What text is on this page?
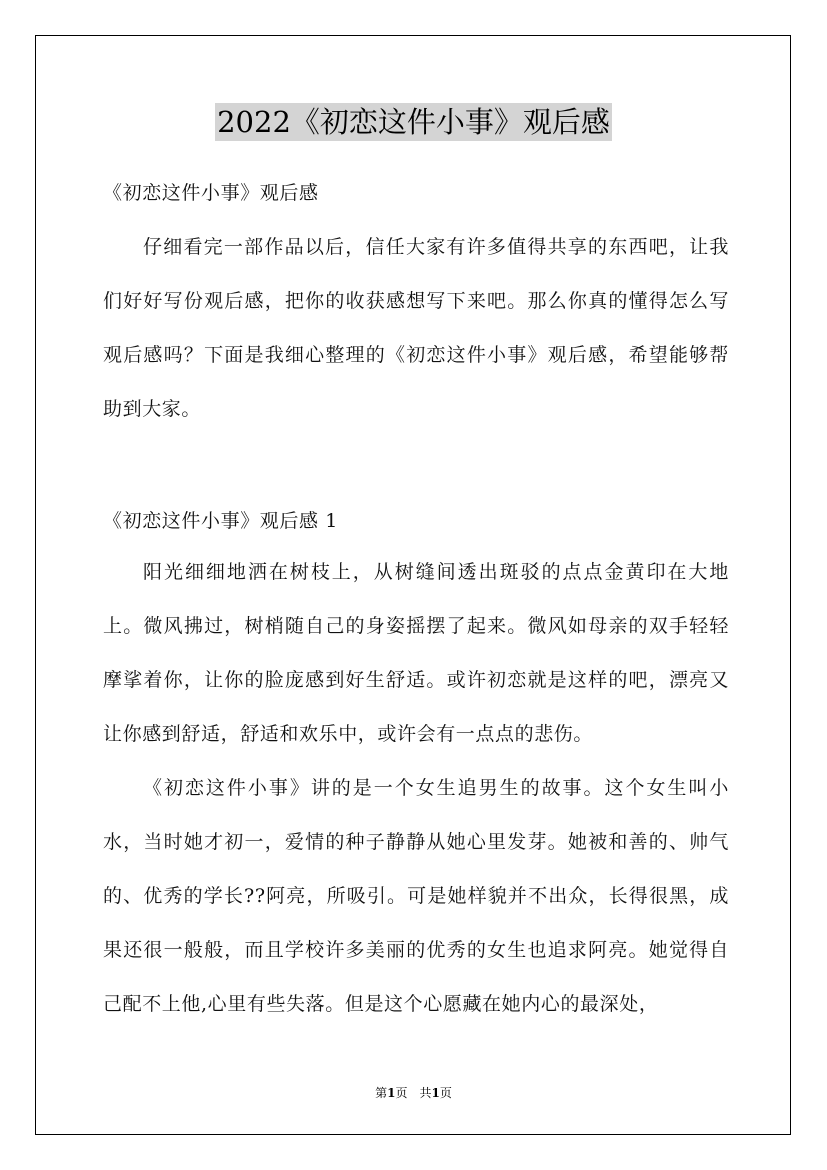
2022《初恋这件小事》观后感
《初恋这件小事》观后感
仔细看完一部作品以后，信任大家有许多值得共享的东西吧，让我们好好写份观后感，把你的收获感想写下来吧。那么你真的懂得怎么写观后感吗？下面是我细心整理的《初恋这件小事》观后感，希望能够帮助到大家。
《初恋这件小事》观后感 1
阳光细细地洒在树枝上，从树缝间透出斑驳的点点金黄印在大地上。微风拂过，树梢随自己的身姿摇摆了起来。微风如母亲的双手轻轻摩挲着你，让你的脸庞感到好生舒适。或许初恋就是这样的吧，漂亮又让你感到舒适，舒适和欢乐中，或许会有一点点的悲伤。
《初恋这件小事》讲的是一个女生追男生的故事。这个女生叫小水，当时她才初一，爱情的种子静静从她心里发芽。她被和善的、帅气的、优秀的学长??阿亮，所吸引。可是她样貌并不出众，长得很黑，成果还很一般般，而且学校许多美丽的优秀的女生也追求阿亮。她觉得自己配不上他,心里有些失落。但是这个心愿藏在她内心的最深处，
第1页　共1页
